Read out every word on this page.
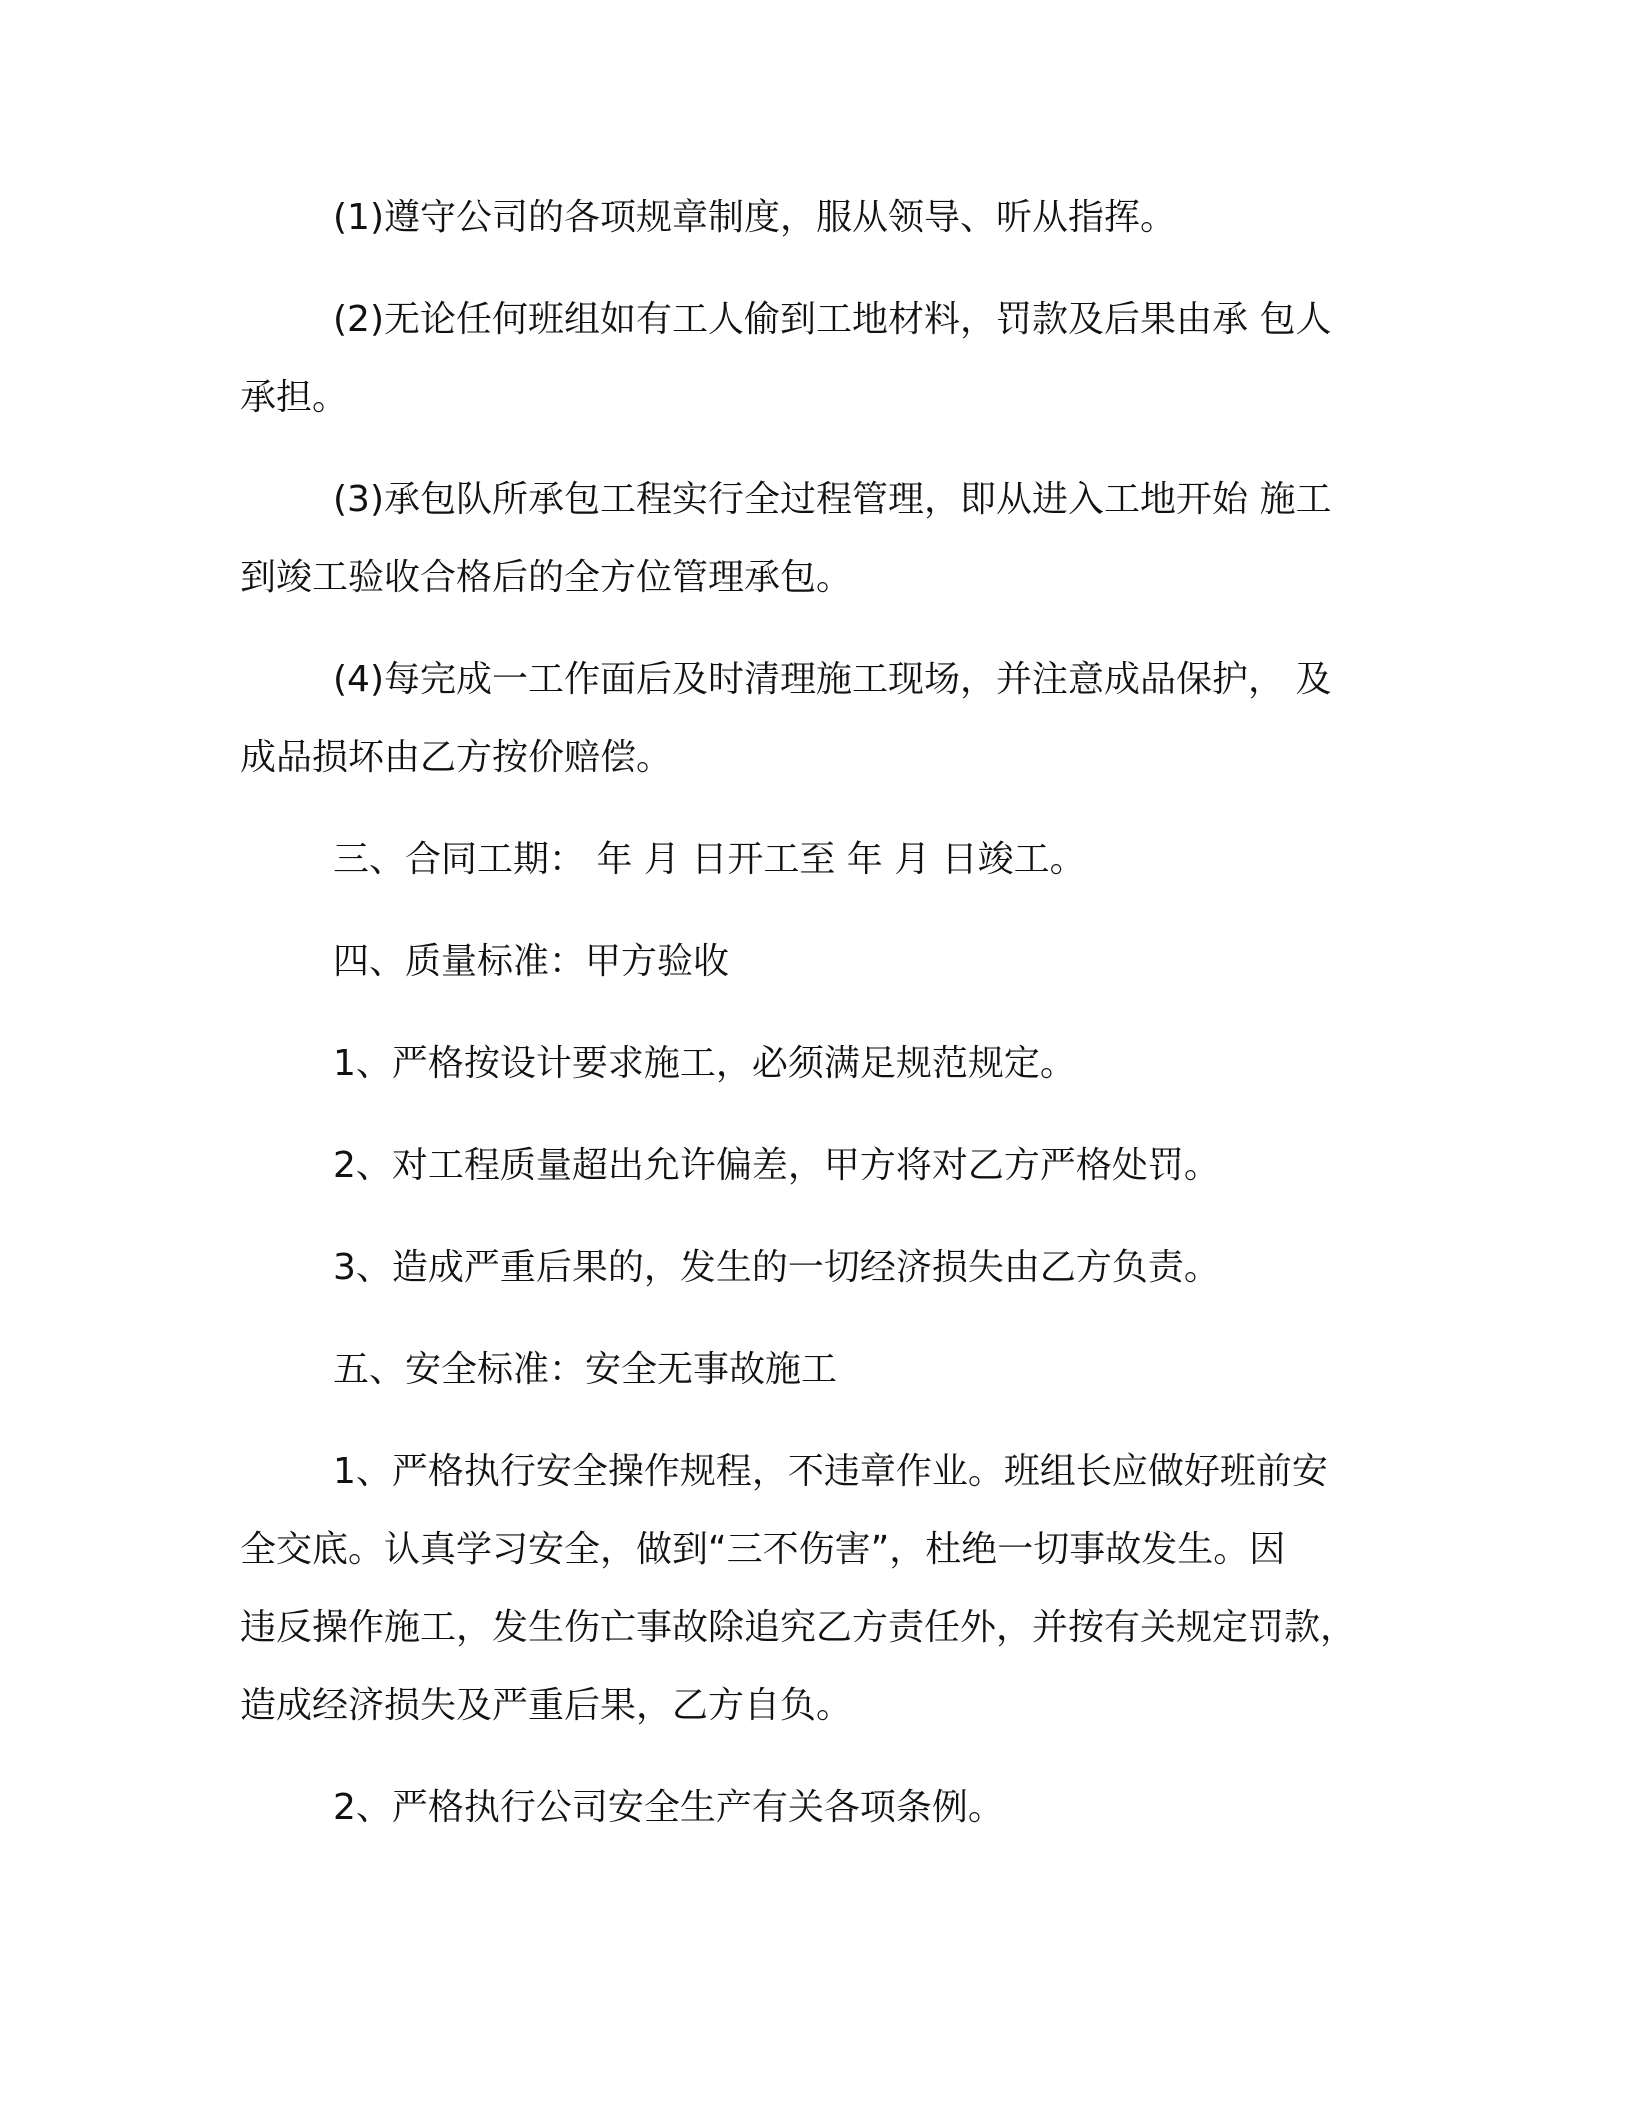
(1)遵守公司的各项规章制度，服从领导、听从指挥。
(2)无论任何班组如有工人偷到工地材料，罚款及后果由承 包人
承担。
(3)承包队所承包工程实行全过程管理，即从进入工地开始 施工
到竣工验收合格后的全方位管理承包。
(4)每完成一工作面后及时清理施工现场，并注意成品保护， 及
成品损坏由乙方按价赔偿。
三、合同工期： 年 月 日开工至 年 月 日竣工。
四、质量标准：甲方验收
1、严格按设计要求施工，必须满足规范规定。
2、对工程质量超出允许偏差，甲方将对乙方严格处罚。
3、造成严重后果的，发生的一切经济损失由乙方负责。
五、安全标准：安全无事故施工
1、严格执行安全操作规程，不违章作业。班组长应做好班前安
全交底。认真学习安全，做到“三不伤害”，杜绝一切事故发生。因
违反操作施工，发生伤亡事故除追究乙方责任外，并按有关规定罚款，
造成经济损失及严重后果，乙方自负。
2、严格执行公司安全生产有关各项条例。
